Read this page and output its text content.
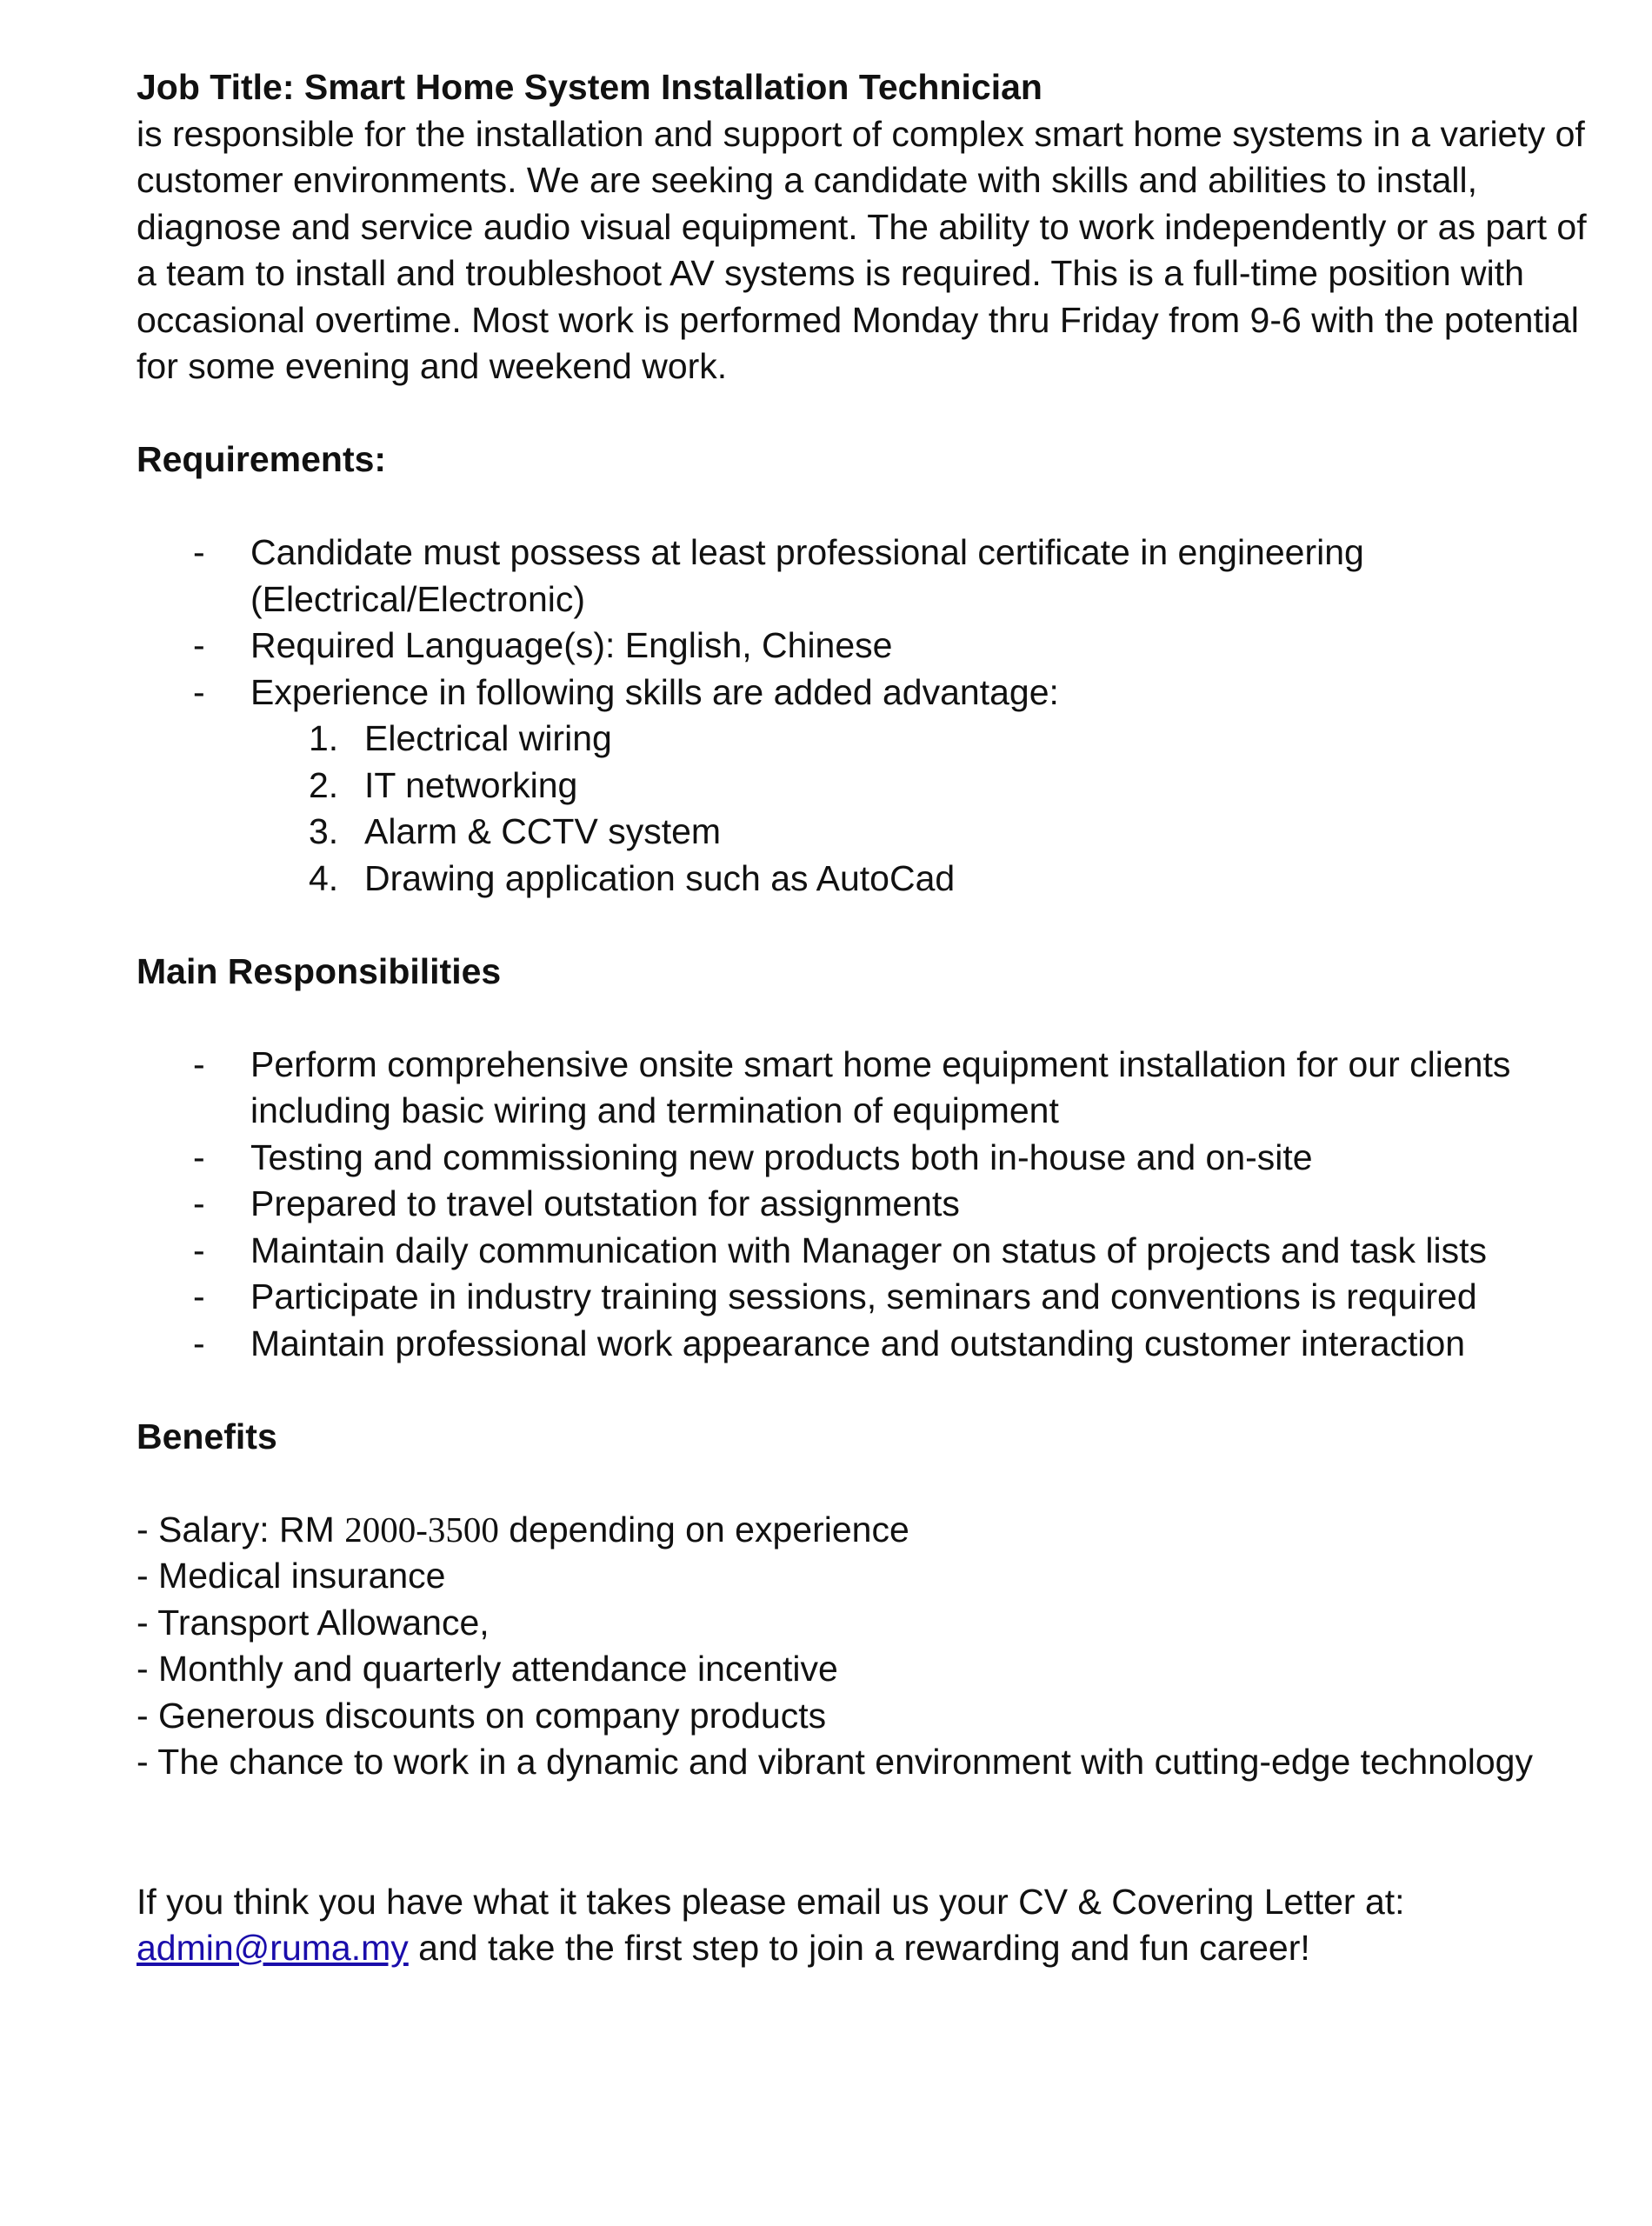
Job Title: Smart Home System Installation Technician

is responsible for the installation and support of complex smart home systems in a variety of customer environments. We are seeking a candidate with skills and abilities to install, diagnose and service audio visual equipment. The ability to work independently or as part of a team to install and troubleshoot AV systems is required. This is a full-time position with occasional overtime. Most work is performed Monday thru Friday from 9-6 with the potential for some evening and weekend work.

Requirements:

- Candidate must possess at least professional certificate in engineering (Electrical/Electronic)
- Required Language(s): English, Chinese
- Experience in following skills are added advantage:
1. Electrical wiring
2. IT networking
3. Alarm & CCTV system
4. Drawing application such as AutoCad

Main Responsibilities

- Perform comprehensive onsite smart home equipment installation for our clients including basic wiring and termination of equipment
- Testing and commissioning new products both in-house and on-site
- Prepared to travel outstation for assignments
- Maintain daily communication with Manager on status of projects and task lists
- Participate in industry training sessions, seminars and conventions is required
- Maintain professional work appearance and outstanding customer interaction

Benefits

- Salary: RM 2000-3500 depending on experience

- Medical insurance

- Transport Allowance,

- Monthly and quarterly attendance incentive

- Generous discounts on company products

- The chance to work in a dynamic and vibrant environment with cutting-edge technology

If you think you have what it takes please email us your CV & Covering Letter at:
admin@ruma.my and take the first step to join a rewarding and fun career!
